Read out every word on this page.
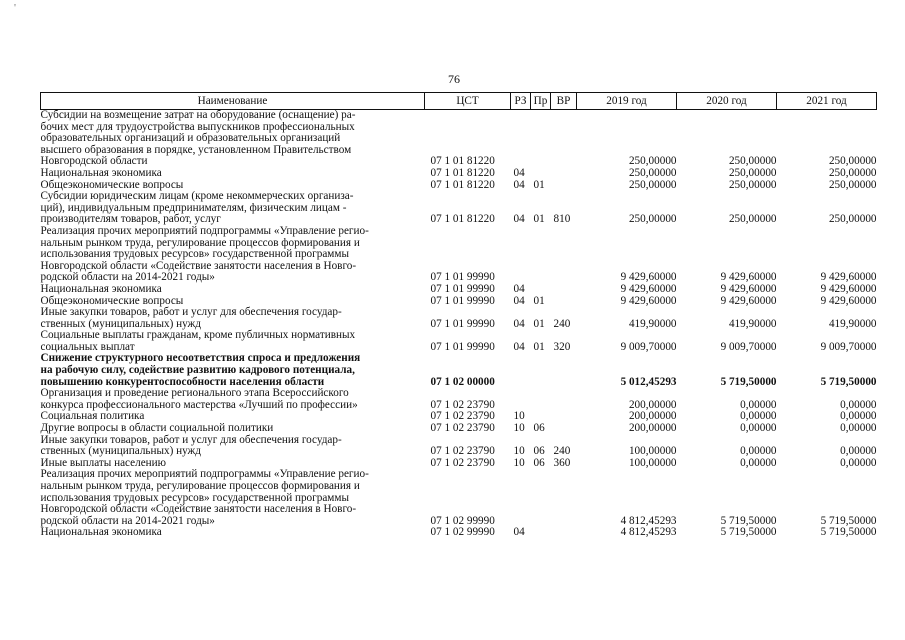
'
76
Наименование	ЦСТ	РЗ	Пр	ВР	2019 год	2020 год	2021 год

Субсидии на возмещение затрат на оборудование (оснащение) ра-
бочих мест для трудоустройства выпускников профессиональных
образовательных организаций и образовательных организаций
высшего образования в порядке, установленном Правительством
Новгородской области	07 1 01 81220				250,00000	250,00000	250,00000

Национальная экономика	07 1 01 81220	04			250,00000	250,00000	250,00000

Общеэкономические вопросы	07 1 01 81220	04	01		250,00000	250,00000	250,00000

Субсидии юридическим лицам (кроме некоммерческих организа-
ций), индивидуальным предпринимателям, физическим лицам -
производителям товаров, работ, услуг	07 1 01 81220	04	01	810	250,00000	250,00000	250,00000

Реализация прочих мероприятий подпрограммы «Управление регио-
нальным рынком труда, регулирование процессов формирования и
использования трудовых ресурсов» государственной программы
Новгородской области «Содействие занятости населения в Новго-
родской области на 2014-2021 годы»	07 1 01 99990				9 429,60000	9 429,60000	9 429,60000

Национальная экономика	07 1 01 99990	04			9 429,60000	9 429,60000	9 429,60000

Общеэкономические вопросы	07 1 01 99990	04	01		9 429,60000	9 429,60000	9 429,60000

Иные закупки товаров, работ и услуг для обеспечения государ-
ственных (муниципальных) нужд	07 1 01 99990	04	01	240	419,90000	419,90000	419,90000

Социальные выплаты гражданам, кроме публичных нормативных
социальных выплат	07 1 01 99990	04	01	320	9 009,70000	9 009,70000	9 009,70000

Снижение структурного несоответствия спроса и предложения
на рабочую силу, содействие развитию кадрового потенциала,
повышению конкурентоспособности населения области	07 1 02 00000				5 012,45293	5 719,50000	5 719,50000

Организация и проведение регионального этапа Всероссийского
конкурса профессионального мастерства «Лучший по профессии»	07 1 02 23790				200,00000	0,00000	0,00000

Социальная политика	07 1 02 23790	10			200,00000	0,00000	0,00000

Другие вопросы в области социальной политики	07 1 02 23790	10	06		200,00000	0,00000	0,00000

Иные закупки товаров, работ и услуг для обеспечения государ-
ственных (муниципальных) нужд	07 1 02 23790	10	06	240	100,00000	0,00000	0,00000

Иные выплаты населению	07 1 02 23790	10	06	360	100,00000	0,00000	0,00000

Реализация прочих мероприятий подпрограммы «Управление регио-
нальным рынком труда, регулирование процессов формирования и
использования трудовых ресурсов» государственной программы
Новгородской области «Содействие занятости населения в Новго-
родской области на 2014-2021 годы»	07 1 02 99990				4 812,45293	5 719,50000	5 719,50000

Национальная экономика	07 1 02 99990	04			4 812,45293	5 719,50000	5 719,50000
